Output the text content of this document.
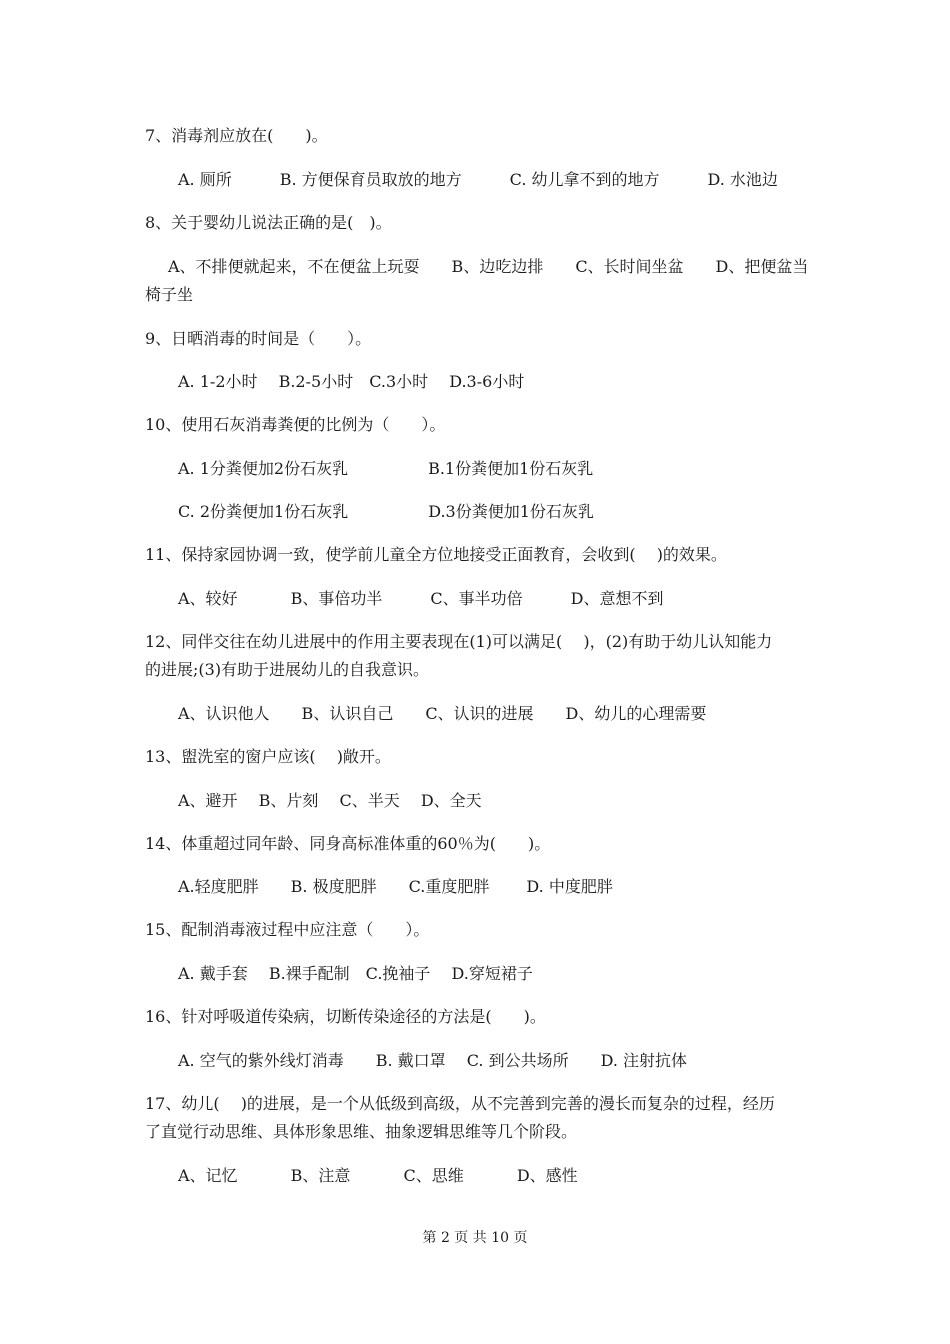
7、消毒剂应放在(　　)。
A. 厕所　　　B. 方便保育员取放的地方　　　C. 幼儿拿不到的地方　　　D. 水池边
8、关于婴幼儿说法正确的是(　)。
A、不排便就起来，不在便盆上玩耍　　B、边吃边排　　C、长时间坐盆　　D、把便盆当
椅子坐
9、日晒消毒的时间是（　　）。
A. 1-2小时　 B.2-5小时　C.3小时　 D.3-6小时
10、使用石灰消毒粪便的比例为（　　）。
A. 1分粪便加2份石灰乳　　　　　B.1份粪便加1份石灰乳
C. 2份粪便加1份石灰乳　　　　　D.3份粪便加1份石灰乳
11、保持家园协调一致，使学前儿童全方位地接受正面教育，会收到(　 )的效果。
A、较好　　　 B、事倍功半　　　C、事半功倍　　　D、意想不到
12、同伴交往在幼儿进展中的作用主要表现在(1)可以满足(　 )，(2)有助于幼儿认知能力
的进展;(3)有助于进展幼儿的自我意识。
A、认识他人　　B、认识自己　　C、认识的进展　　D、幼儿的心理需要
13、盥洗室的窗户应该(　 )敞开。
A、避开　 B、片刻　 C、半天　 D、全天
14、体重超过同年龄、同身高标准体重的60％为(　　)。
A.轻度肥胖　　B. 极度肥胖　　C.重度肥胖　　 D. 中度肥胖
15、配制消毒液过程中应注意（　　）。
A. 戴手套　 B.裸手配制　C.挽袖子　 D.穿短裙子
16、针对呼吸道传染病，切断传染途径的方法是(　　)。
A. 空气的紫外线灯消毒　　B. 戴口罩　 C. 到公共场所　　D. 注射抗体
17、幼儿(　 )的进展，是一个从低级到高级，从不完善到完善的漫长而复杂的过程，经历
了直觉行动思维、具体形象思维、抽象逻辑思维等几个阶段。
A、记忆　　　 B、注意　　　 C、思维　　　 D、感性
第 2 页 共 10 页
